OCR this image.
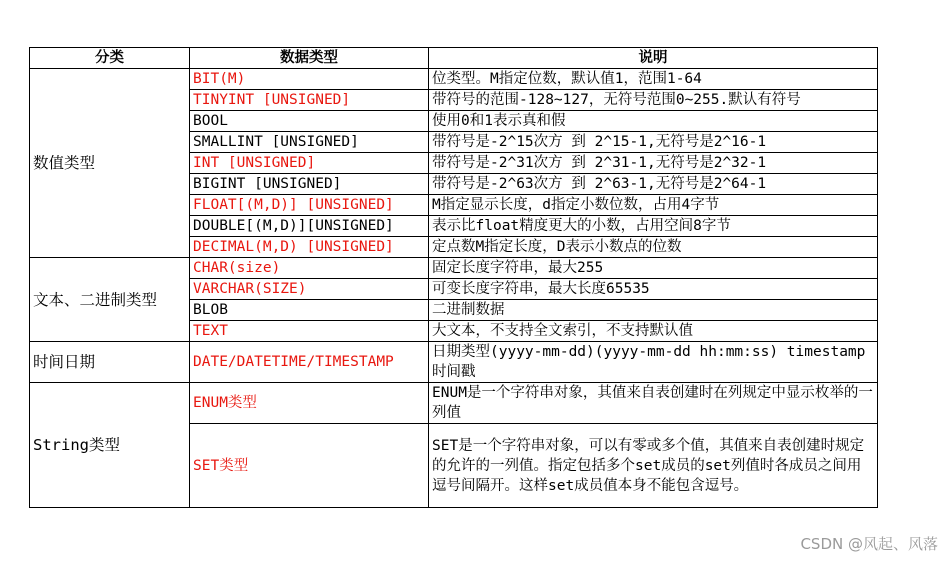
分类	数据类型	说明
数值类型	BIT(M)	位类型。M指定位数，默认值1，范围1-64
	TINYINT [UNSIGNED]	带符号的范围-128~127，无符号范围0~255.默认有符号
	BOOL	使用0和1表示真和假
	SMALLINT [UNSIGNED]	带符号是-2^15次方 到 2^15-1,无符号是2^16-1
	INT [UNSIGNED]	带符号是-2^31次方 到 2^31-1,无符号是2^32-1
	BIGINT [UNSIGNED]	带符号是-2^63次方 到 2^63-1,无符号是2^64-1
	FLOAT[(M,D)] [UNSIGNED]	M指定显示长度，d指定小数位数，占用4字节
	DOUBLE[(M,D)][UNSIGNED]	表示比float精度更大的小数，占用空间8字节
	DECIMAL(M,D) [UNSIGNED]	定点数M指定长度，D表示小数点的位数
文本、二进制类型	CHAR(size)	固定长度字符串，最大255
	VARCHAR(SIZE)	可变长度字符串，最大长度65535
	BLOB	二进制数据
	TEXT	大文本，不支持全文索引，不支持默认值
时间日期	DATE/DATETIME/TIMESTAMP	日期类型(yyyy-mm-dd)(yyyy-mm-dd hh:mm:ss) timestamp时间戳
String类型	ENUM类型	ENUM是一个字符串对象，其值来自表创建时在列规定中显示枚举的一列值
	SET类型	SET是一个字符串对象，可以有零或多个值，其值来自表创建时规定的允许的一列值。指定包括多个set成员的set列值时各成员之间用逗号间隔开。这样set成员值本身不能包含逗号。
CSDN @风起、风落
